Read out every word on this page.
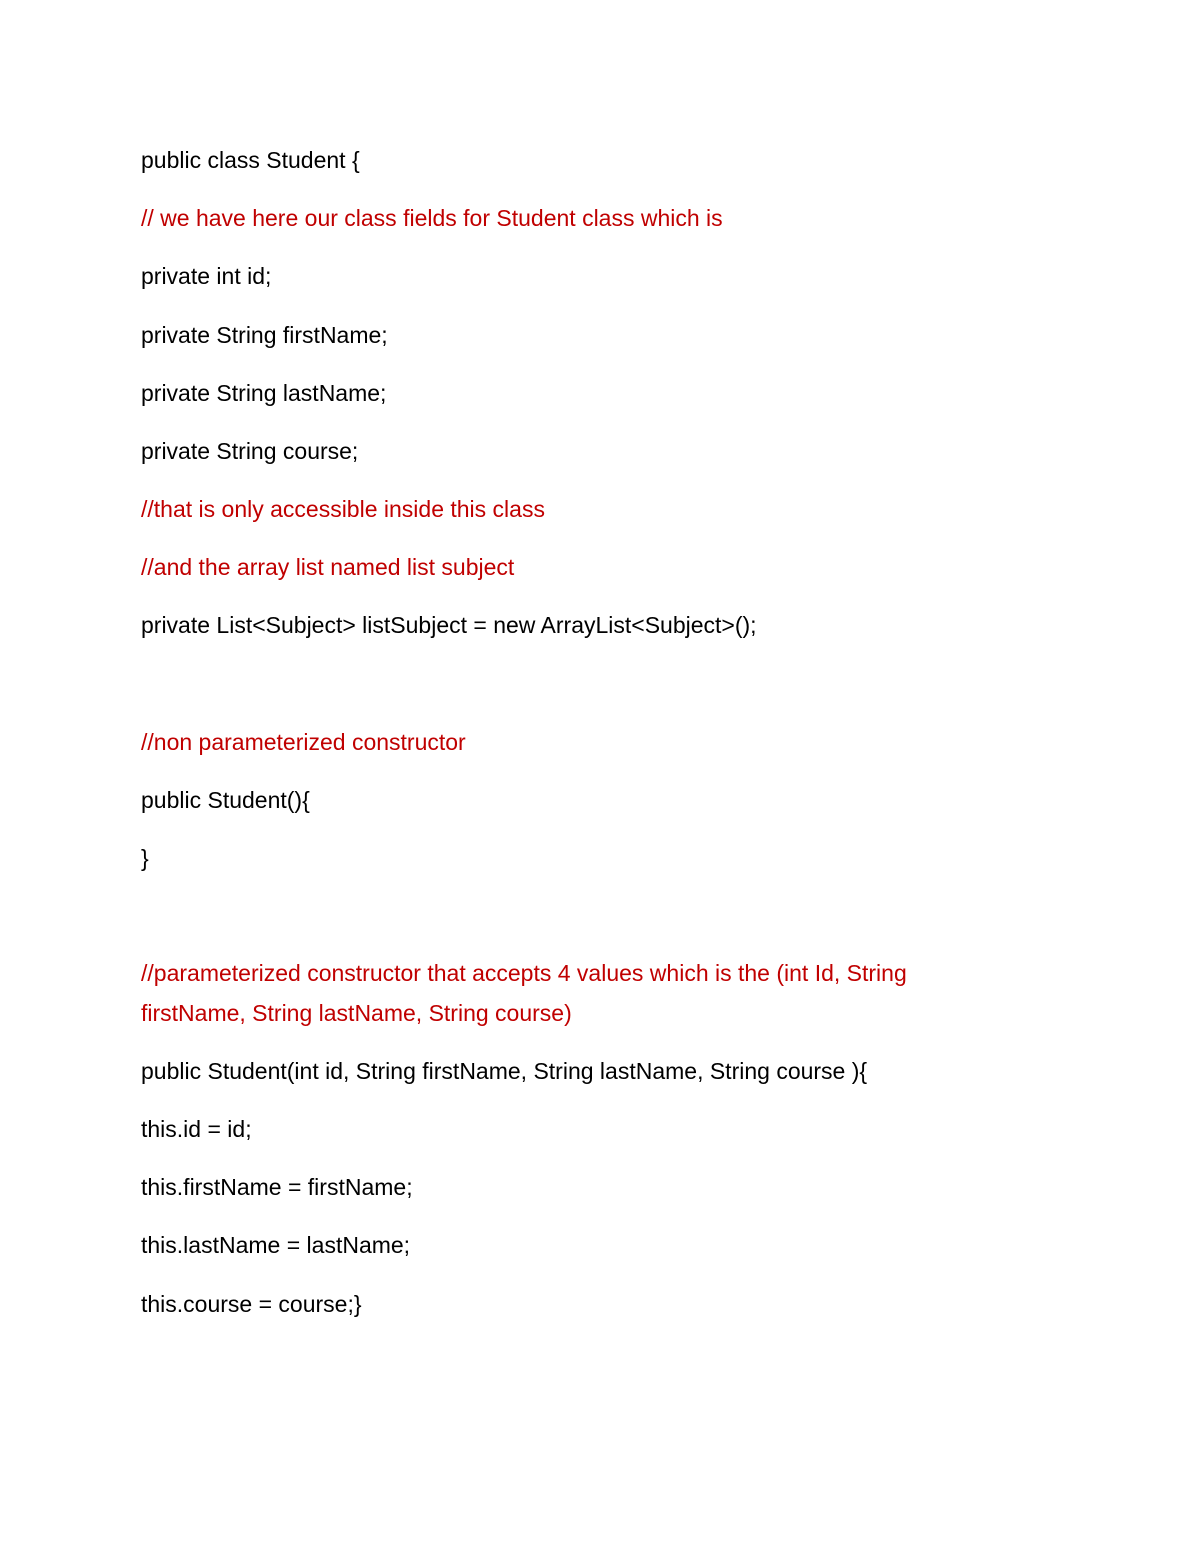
public class Student {
// we have here our class fields for Student class which is
private int id;
private String firstName;
private String lastName;
private String course;
//that is only accessible inside this class
//and the array list named list subject
private List<Subject> listSubject = new ArrayList<Subject>();
//non parameterized constructor
public Student(){
}
//parameterized constructor that accepts 4 values which is the (int Id, String firstName, String lastName, String course)
public Student(int id, String firstName, String lastName, String course ){
this.id = id;
this.firstName = firstName;
this.lastName = lastName;
this.course = course;}
